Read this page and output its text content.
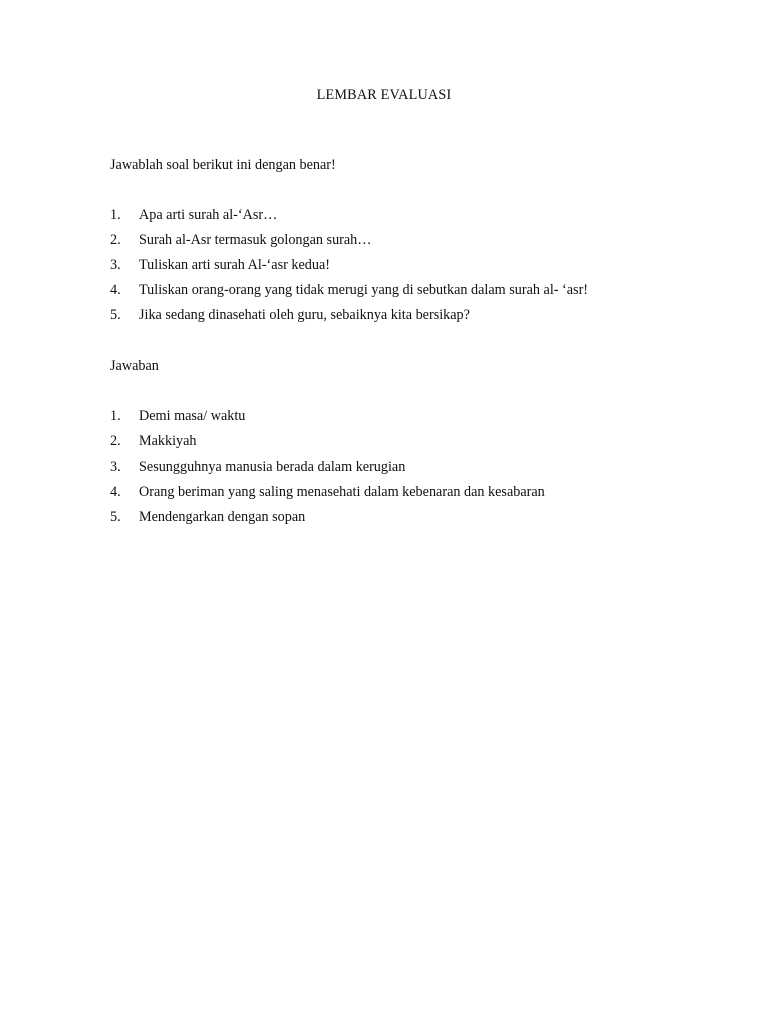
LEMBAR EVALUASI
Jawablah soal berikut ini dengan benar!
1. Apa arti surah al-‘Asr…
2. Surah al-Asr termasuk golongan surah…
3. Tuliskan arti surah Al-‘asr kedua!
4. Tuliskan orang-orang yang tidak merugi yang di sebutkan dalam surah al- ‘asr!
5. Jika sedang dinasehati oleh guru, sebaiknya kita bersikap?
Jawaban
1. Demi masa/ waktu
2. Makkiyah
3. Sesungguhnya manusia berada dalam kerugian
4. Orang beriman yang saling menasehati dalam kebenaran dan kesabaran
5. Mendengarkan dengan sopan
